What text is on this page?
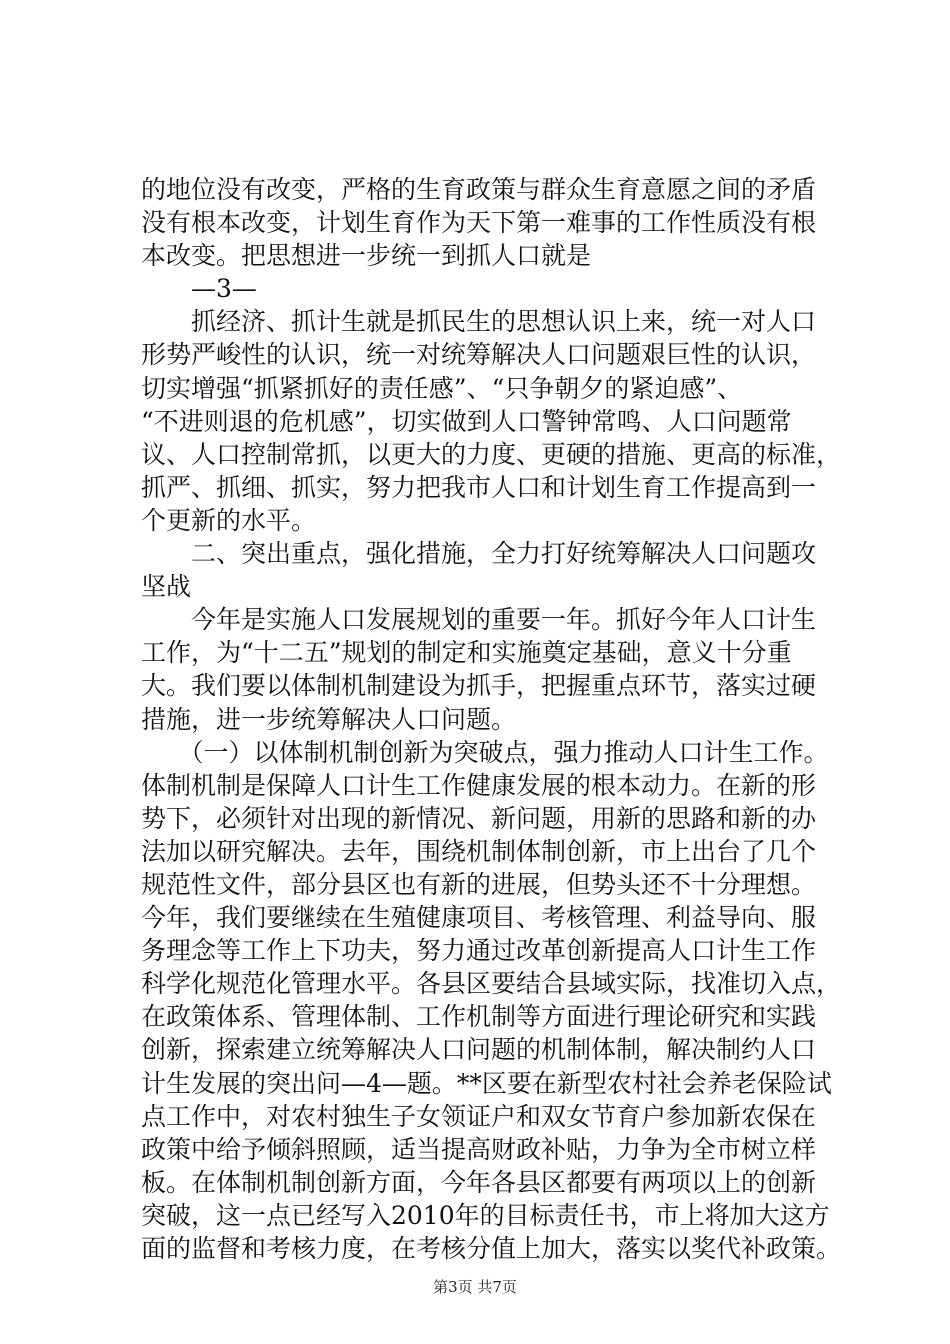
的地位没有改变，严格的生育政策与群众生育意愿之间的矛盾
没有根本改变，计划生育作为天下第一难事的工作性质没有根
本改变。把思想进一步统一到抓人口就是
　　—3—
　　抓经济、抓计生就是抓民生的思想认识上来，统一对人口
形势严峻性的认识，统一对统筹解决人口问题艰巨性的认识，
切实增强“抓紧抓好的责任感”、“只争朝夕的紧迫感”、
“不进则退的危机感”，切实做到人口警钟常鸣、人口问题常
议、人口控制常抓，以更大的力度、更硬的措施、更高的标准，
抓严、抓细、抓实，努力把我市人口和计划生育工作提高到一
个更新的水平。
　　二、突出重点，强化措施，全力打好统筹解决人口问题攻
坚战
　　今年是实施人口发展规划的重要一年。抓好今年人口计生
工作，为“十二五”规划的制定和实施奠定基础，意义十分重
大。我们要以体制机制建设为抓手，把握重点环节，落实过硬
措施，进一步统筹解决人口问题。
　　（一）以体制机制创新为突破点，强力推动人口计生工作。
体制机制是保障人口计生工作健康发展的根本动力。在新的形
势下，必须针对出现的新情况、新问题，用新的思路和新的办
法加以研究解决。去年，围绕机制体制创新，市上出台了几个
规范性文件，部分县区也有新的进展，但势头还不十分理想。
今年，我们要继续在生殖健康项目、考核管理、利益导向、服
务理念等工作上下功夫，努力通过改革创新提高人口计生工作
科学化规范化管理水平。各县区要结合县域实际，找准切入点，
在政策体系、管理体制、工作机制等方面进行理论研究和实践
创新，探索建立统筹解决人口问题的机制体制，解决制约人口
计生发展的突出问—4—题。**区要在新型农村社会养老保险试
点工作中，对农村独生子女领证户和双女节育户参加新农保在
政策中给予倾斜照顾，适当提高财政补贴，力争为全市树立样
板。在体制机制创新方面，今年各县区都要有两项以上的创新
突破，这一点已经写入2010年的目标责任书，市上将加大这方
面的监督和考核力度，在考核分值上加大，落实以奖代补政策。
第3页 共7页
